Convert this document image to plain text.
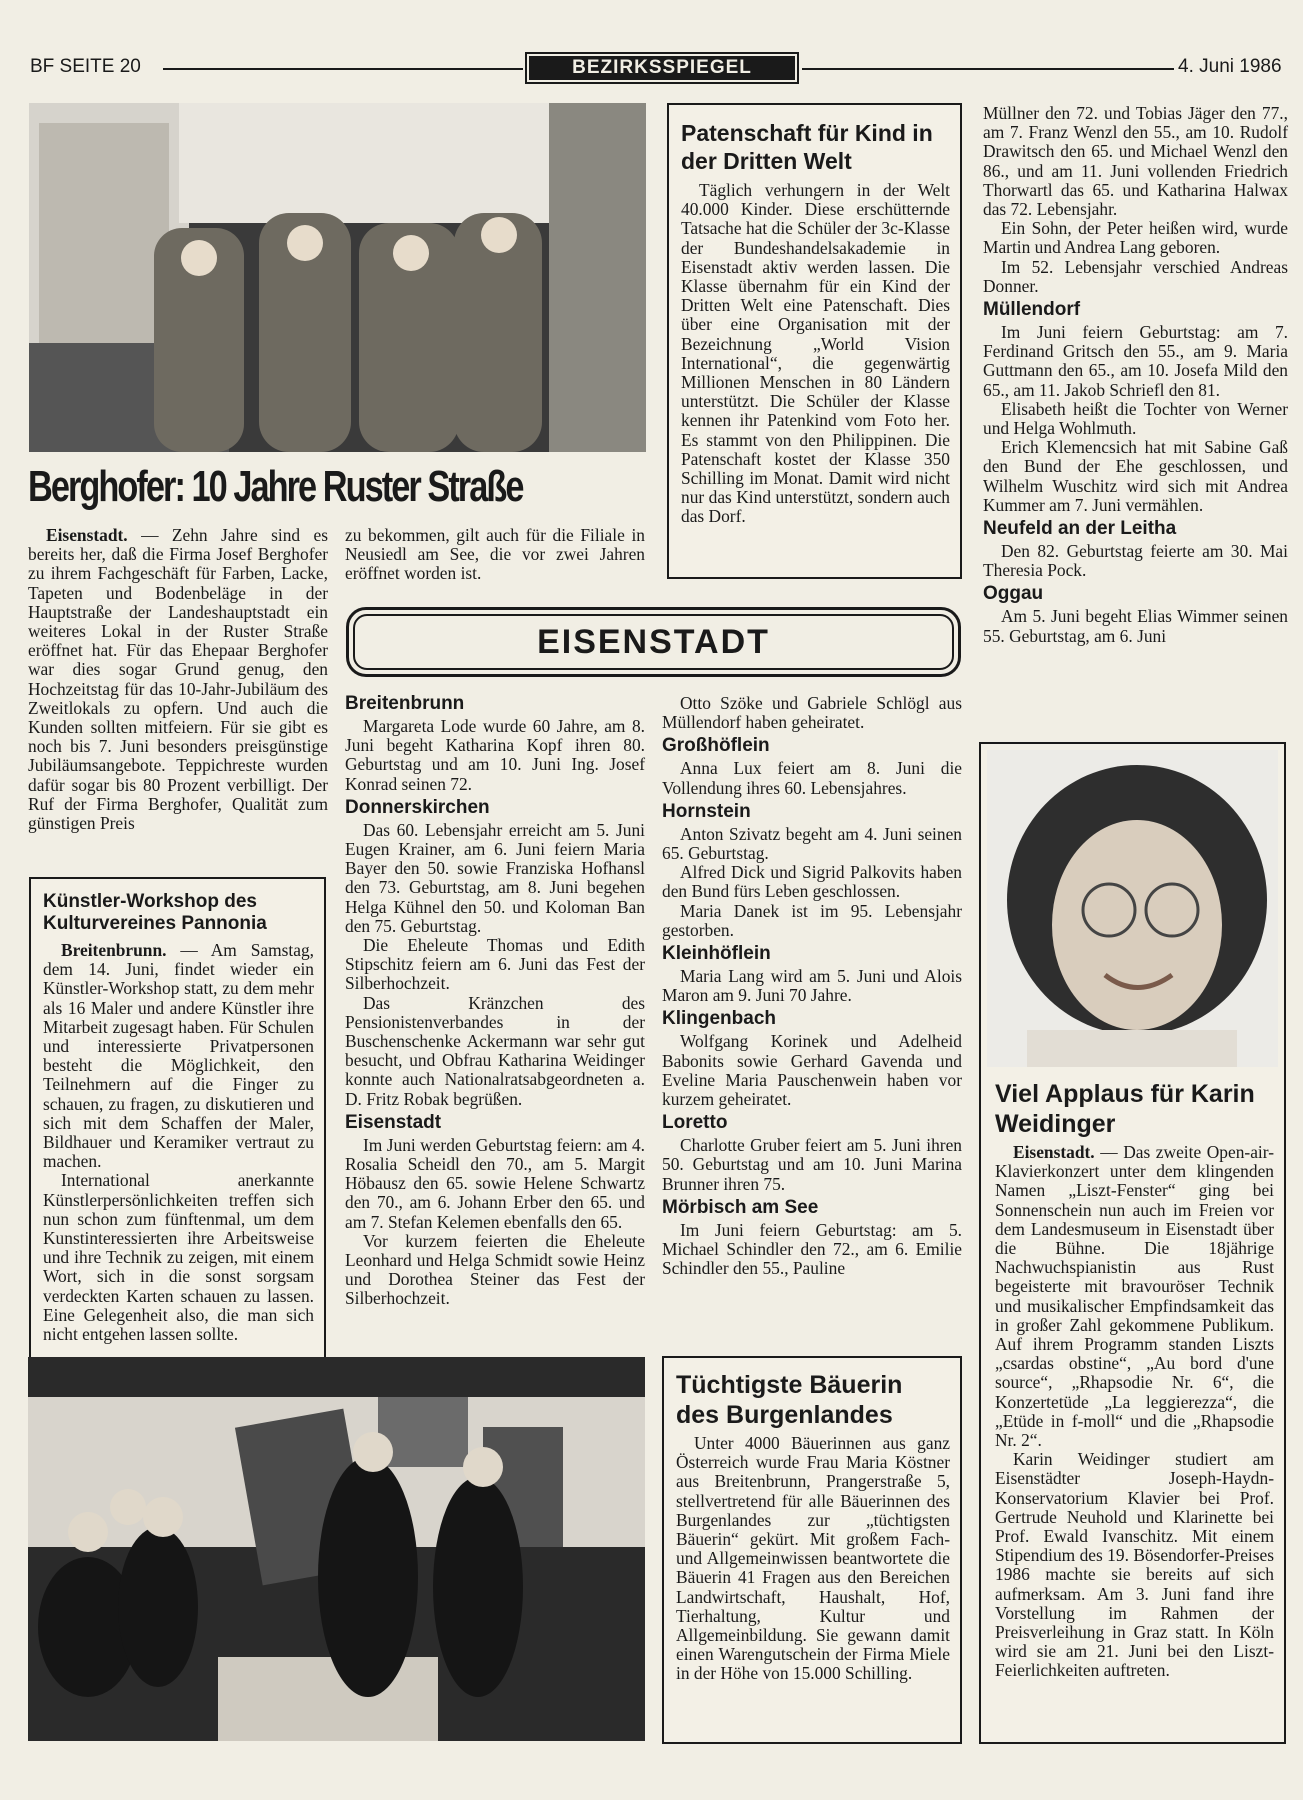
BF SEITE 20	BEZIRKSSPIEGEL	4. Juni 1986
Berghofer: 10 Jahre Ruster Straße

Eisenstadt. — Zehn Jahre sind es bereits her, daß die Firma Josef Berghofer zu ihrem Fachgeschäft für Farben, Lacke, Tapeten und Bodenbeläge in der Hauptstraße der Landeshauptstadt ein weiteres Lokal in der Ruster Straße eröffnet hat. Für das Ehepaar Berghofer war dies sogar Grund genug, den Hochzeitstag für das 10-Jahr-Jubiläum des Zweitlokals zu opfern. Und auch die Kunden sollten mitfeiern. Für sie gibt es noch bis 7. Juni besonders preisgünstige Jubiläumsangebote. Teppichreste wurden dafür sogar bis 80 Prozent verbilligt. Der Ruf der Firma Berghofer, Qualität zum günstigen Preis

zu bekommen, gilt auch für die Filiale in Neusiedl am See, die vor zwei Jahren eröffnet worden ist.

Patenschaft für Kind in der Dritten Welt

Täglich verhungern in der Welt 40.000 Kinder. Diese erschütternde Tatsache hat die Schüler der 3c-Klasse der Bundeshandelsakademie in Eisenstadt aktiv werden lassen. Die Klasse übernahm für ein Kind der Dritten Welt eine Patenschaft. Dies über eine Organisation mit der Bezeichnung „World Vision International“, die gegenwärtig Millionen Menschen in 80 Ländern unterstützt. Die Schüler der Klasse kennen ihr Patenkind vom Foto her. Es stammt von den Philippinen. Die Patenschaft kostet der Klasse 350 Schilling im Monat. Damit wird nicht nur das Kind unterstützt, sondern auch das Dorf.

Müllner den 72. und Tobias Jäger den 77., am 7. Franz Wenzl den 55., am 10. Rudolf Drawitsch den 65. und Michael Wenzl den 86., und am 11. Juni vollenden Friedrich Thorwartl das 65. und Katharina Halwax das 72. Lebensjahr.

Ein Sohn, der Peter heißen wird, wurde Martin und Andrea Lang geboren.

Im 52. Lebensjahr verschied Andreas Donner.

Müllendorf

Im Juni feiern Geburtstag: am 7. Ferdinand Gritsch den 55., am 9. Maria Guttmann den 65., am 10. Josefa Mild den 65., am 11. Jakob Schriefl den 81.

Elisabeth heißt die Tochter von Werner und Helga Wohlmuth.

Erich Klemencsich hat mit Sabine Gaß den Bund der Ehe geschlossen, und Wilhelm Wuschitz wird sich mit Andrea Kummer am 7. Juni vermählen.

Neufeld an der Leitha

Den 82. Geburtstag feierte am 30. Mai Theresia Pock.

Oggau

Am 5. Juni begeht Elias Wimmer seinen 55. Geburtstag, am 6. Juni

EISENSTADT
Breitenbrunn

Margareta Lode wurde 60 Jahre, am 8. Juni begeht Katharina Kopf ihren 80. Geburtstag und am 10. Juni Ing. Josef Konrad seinen 72.

Donnerskirchen

Das 60. Lebensjahr erreicht am 5. Juni Eugen Krainer, am 6. Juni feiern Maria Bayer den 50. sowie Franziska Hofhansl den 73. Geburtstag, am 8. Juni begehen Helga Kühnel den 50. und Koloman Ban den 75. Geburtstag.

Die Eheleute Thomas und Edith Stipschitz feiern am 6. Juni das Fest der Silberhochzeit.

Das Kränzchen des Pensionistenverbandes in der Buschenschenke Ackermann war sehr gut besucht, und Obfrau Katharina Weidinger konnte auch Nationalratsabgeordneten a. D. Fritz Robak begrüßen.

Eisenstadt

Im Juni werden Geburtstag feiern: am 4. Rosalia Scheidl den 70., am 5. Margit Höbausz den 65. sowie Helene Schwartz den 70., am 6. Johann Erber den 65. und am 7. Stefan Kelemen ebenfalls den 65.

Vor kurzem feierten die Eheleute Leonhard und Helga Schmidt sowie Heinz und Dorothea Steiner das Fest der Silberhochzeit.

Otto Szöke und Gabriele Schlögl aus Müllendorf haben geheiratet.

Großhöflein

Anna Lux feiert am 8. Juni die Vollendung ihres 60. Lebensjahres.

Hornstein

Anton Szivatz begeht am 4. Juni seinen 65. Geburtstag.

Alfred Dick und Sigrid Palkovits haben den Bund fürs Leben geschlossen.

Maria Danek ist im 95. Lebensjahr gestorben.

Kleinhöflein

Maria Lang wird am 5. Juni und Alois Maron am 9. Juni 70 Jahre.

Klingenbach

Wolfgang Korinek und Adelheid Babonits sowie Gerhard Gavenda und Eveline Maria Pauschenwein haben vor kurzem geheiratet.

Loretto

Charlotte Gruber feiert am 5. Juni ihren 50. Geburtstag und am 10. Juni Marina Brunner ihren 75.

Mörbisch am See

Im Juni feiern Geburtstag: am 5. Michael Schindler den 72., am 6. Emilie Schindler den 55., Pauline

Künstler-Workshop des Kulturvereines Pannonia

Breitenbrunn. — Am Samstag, dem 14. Juni, findet wieder ein Künstler-Workshop statt, zu dem mehr als 16 Maler und andere Künstler ihre Mitarbeit zugesagt haben. Für Schulen und interessierte Privatpersonen besteht die Möglichkeit, den Teilnehmern auf die Finger zu schauen, zu fragen, zu diskutieren und sich mit dem Schaffen der Maler, Bildhauer und Keramiker vertraut zu machen.

International anerkannte Künstlerpersönlichkeiten treffen sich nun schon zum fünftenmal, um dem Kunstinteressierten ihre Arbeitsweise und ihre Technik zu zeigen, mit einem Wort, sich in die sonst sorgsam verdeckten Karten schauen zu lassen. Eine Gelegenheit also, die man sich nicht entgehen lassen sollte.

Tüchtigste Bäuerin des Burgenlandes

Unter 4000 Bäuerinnen aus ganz Österreich wurde Frau Maria Köstner aus Breitenbrunn, Prangerstraße 5, stellvertretend für alle Bäuerinnen des Burgenlandes zur „tüchtigsten Bäuerin“ gekürt. Mit großem Fach- und Allgemeinwissen beantwortete die Bäuerin 41 Fragen aus den Bereichen Landwirtschaft, Haushalt, Hof, Tierhaltung, Kultur und Allgemeinbildung. Sie gewann damit einen Warengutschein der Firma Miele in der Höhe von 15.000 Schilling.

Viel Applaus für Karin Weidinger

Eisenstadt. — Das zweite Open-air-Klavierkonzert unter dem klingenden Namen „Liszt-Fenster“ ging bei Sonnenschein nun auch im Freien vor dem Landesmuseum in Eisenstadt über die Bühne. Die 18jährige Nachwuchspianistin aus Rust begeisterte mit bravouröser Technik und musikalischer Empfindsamkeit das in großer Zahl gekommene Publikum. Auf ihrem Programm standen Liszts „csardas obstine“, „Au bord d'une source“, „Rhapsodie Nr. 6“, die Konzertetüde „La leggierezza“, die „Etüde in f-moll“ und die „Rhapsodie Nr. 2“.

Karin Weidinger studiert am Eisenstädter Joseph-Haydn-Konservatorium Klavier bei Prof. Gertrude Neuhold und Klarinette bei Prof. Ewald Ivanschitz. Mit einem Stipendium des 19. Bösendorfer-Preises 1986 machte sie bereits auf sich aufmerksam. Am 3. Juni fand ihre Vorstellung im Rahmen der Preisverleihung in Graz statt. In Köln wird sie am 21. Juni bei den Liszt-Feierlichkeiten auftreten.
